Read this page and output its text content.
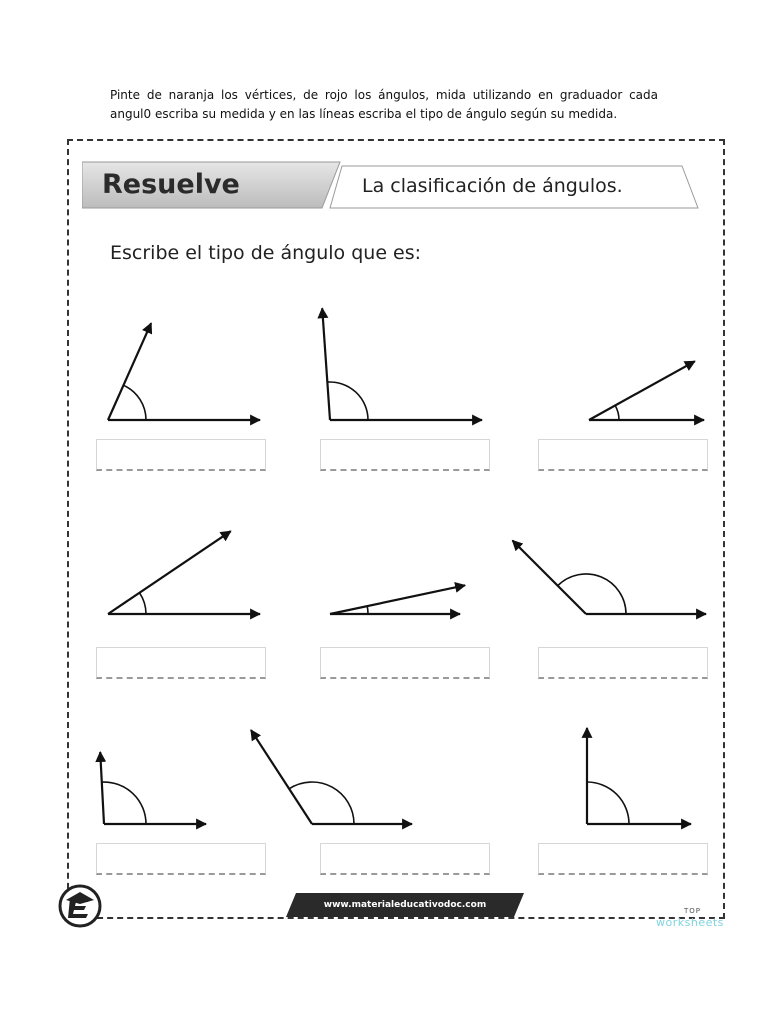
Pinte de naranja los vértices, de rojo los ángulos, mida utilizando en graduador cada angul0 escriba su medida y en las líneas escriba el tipo de ángulo según su medida.
Resuelve	La clasificación de ángulos.
Escribe el tipo de ángulo que es:
www.materialeducativodoc.com
TOP
worksheets
